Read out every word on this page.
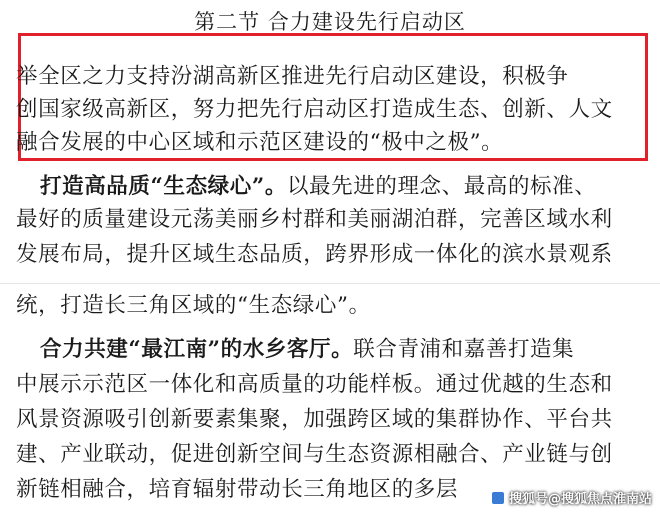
第二节 合力建设先行启动区
举全区之力支持汾湖高新区推进先行启动区建设，积极争
创国家级高新区，努力把先行启动区打造成生态、创新、人文
融合发展的中心区域和示范区建设的“极中之极”。
打造高品质“生态绿心”。以最先进的理念、最高的标准、
最好的质量建设元荡美丽乡村群和美丽湖泊群，完善区域水利
发展布局，提升区域生态品质，跨界形成一体化的滨水景观系
统，打造长三角区域的“生态绿心”。
合力共建“最江南”的水乡客厅。联合青浦和嘉善打造集
中展示示范区一体化和高质量的功能样板。通过优越的生态和
风景资源吸引创新要素集聚，加强跨区域的集群协作、平台共
建、产业联动，促进创新空间与生态资源相融合、产业链与创
新链相融合，培育辐射带动长三角地区的多层	搜狐号@搜狐焦点淮南站
